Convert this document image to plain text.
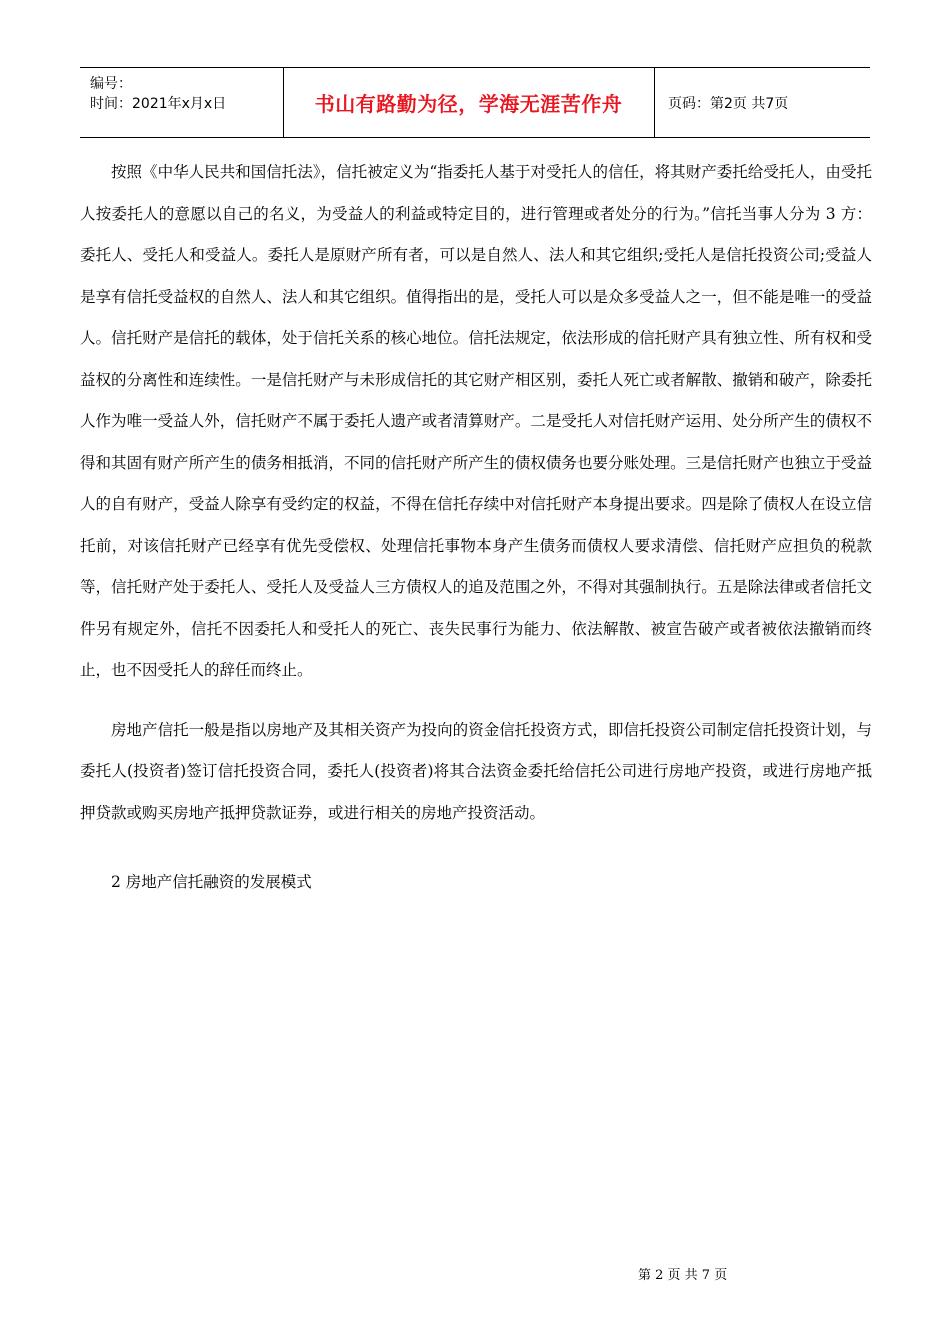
编号：
时间：2021年x月x日	书山有路勤为径，学海无涯苦作舟	页码：第2页 共7页

按照《中华人民共和国信托法》，信托被定义为“指委托人基于对受托人的信任，将其财产委托给受托人，由受托人按委托人的意愿以自己的名义，为受益人的利益或特定目的，进行管理或者处分的行为。”信托当事人分为 3 方：委托人、受托人和受益人。委托人是原财产所有者，可以是自然人、法人和其它组织;受托人是信托投资公司;受益人是享有信托受益权的自然人、法人和其它组织。值得指出的是，受托人可以是众多受益人之一，但不能是唯一的受益人。信托财产是信托的载体，处于信托关系的核心地位。信托法规定，依法形成的信托财产具有独立性、所有权和受益权的分离性和连续性。一是信托财产与未形成信托的其它财产相区别，委托人死亡或者解散、撤销和破产，除委托人作为唯一受益人外，信托财产不属于委托人遗产或者清算财产。二是受托人对信托财产运用、处分所产生的债权不得和其固有财产所产生的债务相抵消，不同的信托财产所产生的债权债务也要分账处理。三是信托财产也独立于受益人的自有财产，受益人除享有受约定的权益，不得在信托存续中对信托财产本身提出要求。四是除了债权人在设立信托前，对该信托财产已经享有优先受偿权、处理信托事物本身产生债务而债权人要求清偿、信托财产应担负的税款等，信托财产处于委托人、受托人及受益人三方债权人的追及范围之外，不得对其强制执行。五是除法律或者信托文件另有规定外，信托不因委托人和受托人的死亡、丧失民事行为能力、依法解散、被宣告破产或者被依法撤销而终止，也不因受托人的辞任而终止。

房地产信托一般是指以房地产及其相关资产为投向的资金信托投资方式，即信托投资公司制定信托投资计划，与委托人(投资者)签订信托投资合同，委托人(投资者)将其合法资金委托给信托公司进行房地产投资，或进行房地产抵押贷款或购买房地产抵押贷款证券，或进行相关的房地产投资活动。

2 房地产信托融资的发展模式
第 2 页 共 7 页
